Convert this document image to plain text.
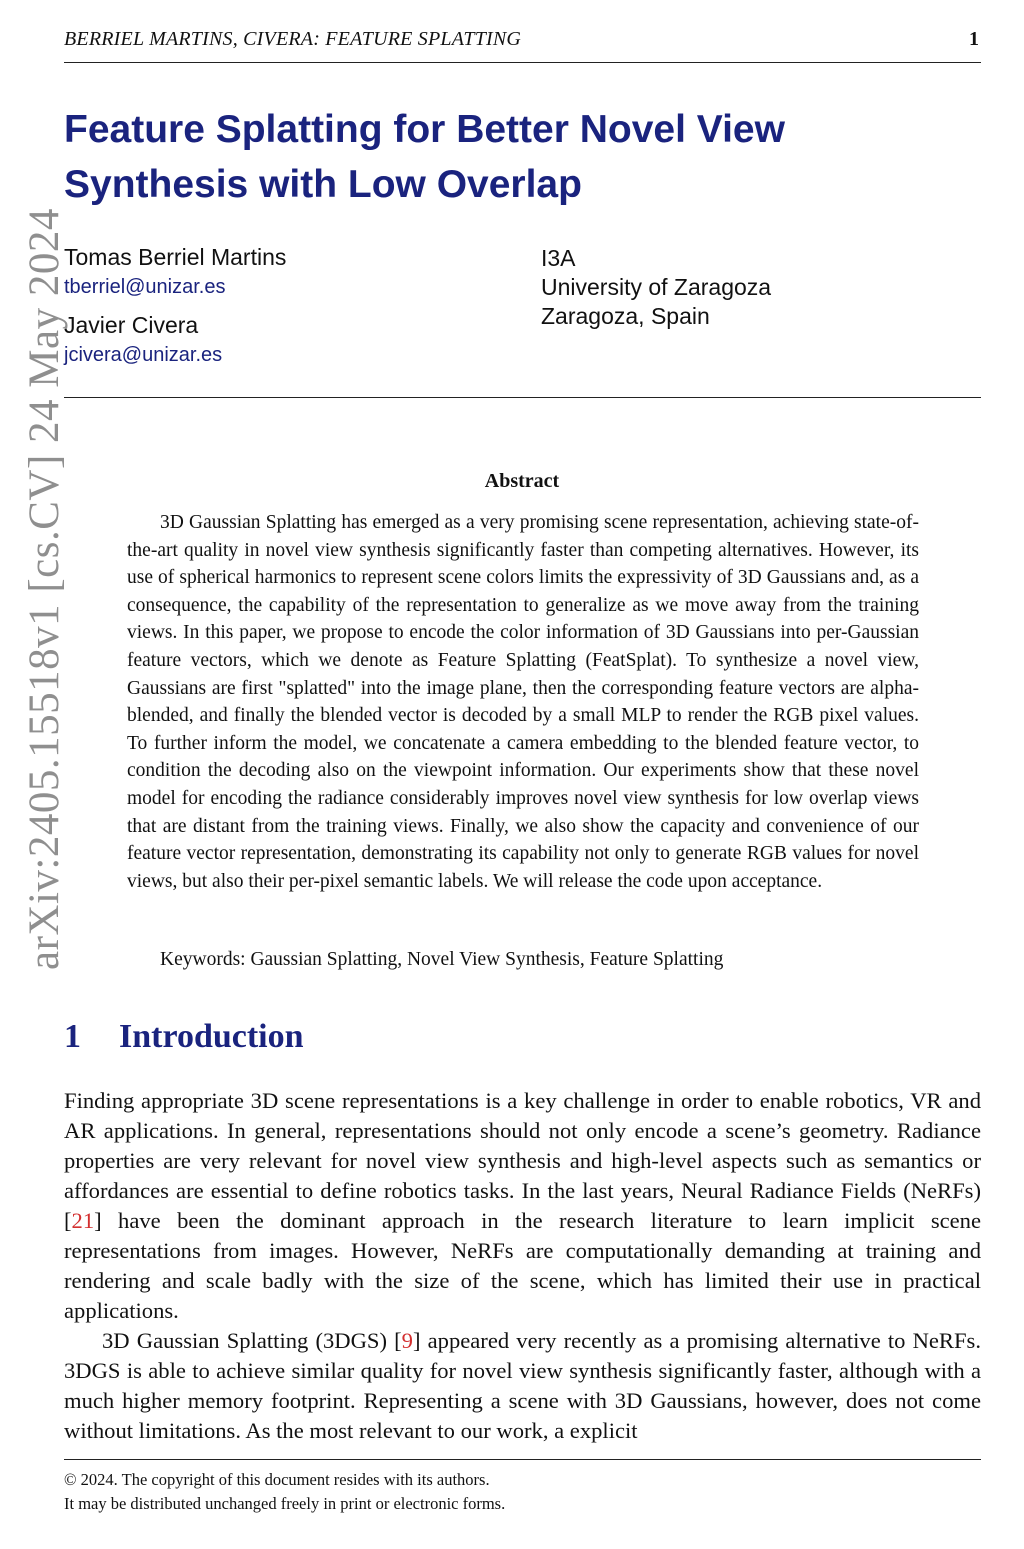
BERRIEL MARTINS, CIVERA: FEATURE SPLATTING	1
arXiv:2405.15518v1 [cs.CV] 24 May 2024
Feature Splatting for Better Novel View
Synthesis with Low Overlap
Tomas Berriel Martins
tberriel@unizar.es
Javier Civera
jcivera@unizar.es
I3A
University of Zaragoza
Zaragoza, Spain
Abstract

3D Gaussian Splatting has emerged as a very promising scene representation, achieving state-of-the-art quality in novel view synthesis significantly faster than competing alternatives. However, its use of spherical harmonics to represent scene colors limits the expressivity of 3D Gaussians and, as a consequence, the capability of the representation to generalize as we move away from the training views. In this paper, we propose to encode the color information of 3D Gaussians into per-Gaussian feature vectors, which we denote as Feature Splatting (FeatSplat). To synthesize a novel view, Gaussians are first "splatted" into the image plane, then the corresponding feature vectors are alpha-blended, and finally the blended vector is decoded by a small MLP to render the RGB pixel values. To further inform the model, we concatenate a camera embedding to the blended feature vector, to condition the decoding also on the viewpoint information. Our experiments show that these novel model for encoding the radiance considerably improves novel view synthesis for low overlap views that are distant from the training views. Finally, we also show the capacity and convenience of our feature vector representation, demonstrating its capability not only to generate RGB values for novel views, but also their per-pixel semantic labels. We will release the code upon acceptance.

Keywords: Gaussian Splatting, Novel View Synthesis, Feature Splatting
1 Introduction

Finding appropriate 3D scene representations is a key challenge in order to enable robotics, VR and AR applications. In general, representations should not only encode a scene’s geometry. Radiance properties are very relevant for novel view synthesis and high-level aspects such as semantics or affordances are essential to define robotics tasks. In the last years, Neural Radiance Fields (NeRFs) [21] have been the dominant approach in the research literature to learn implicit scene representations from images. However, NeRFs are computationally demanding at training and rendering and scale badly with the size of the scene, which has limited their use in practical applications.

3D Gaussian Splatting (3DGS) [9] appeared very recently as a promising alternative to NeRFs. 3DGS is able to achieve similar quality for novel view synthesis significantly faster, although with a much higher memory footprint. Representing a scene with 3D Gaussians, however, does not come without limitations. As the most relevant to our work, a explicit

© 2024. The copyright of this document resides with its authors.
It may be distributed unchanged freely in print or electronic forms.
